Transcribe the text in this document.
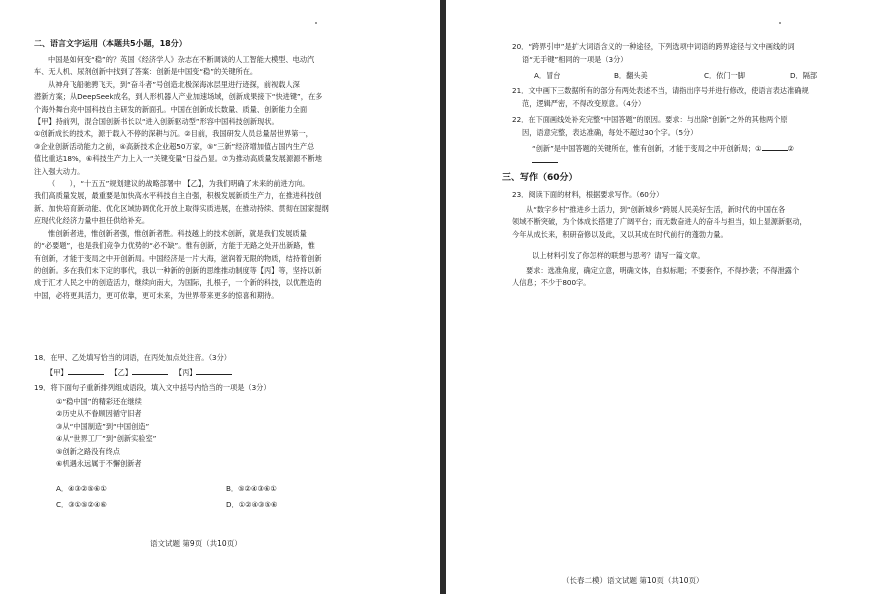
二、语言文字运用（本题共5小题，18分）

中国是如何变“稳”的？英国《经济学人》杂志在不断调谈的人工智能大模型、电动汽

车、无人机、尿剂创新中找到了答案：创新是中国变“稳”的关键所在。

从神舟飞船驰骋飞天，到“奋斗者”号创造北极深海冰层里进行迹探，前视载人深

潜新方案；从DeepSeek成名，到人形机器人产业加速场域，创新成果接下“快进键”，在多

个海外舞台亮中国科技自主研发的新面孔。中国在创新成长数量、质量、创新能力全面

【甲】持前列，混合国创新书长以“进入创新驱动型”形容中国科技创新现状。

①创新成长的技术，源于载入不停的深耕与沉。②目前，我国研发人员总量居世界第一，

③企业创新活动能力之前，④高新技术企业超50万家，⑤“三新”经济增加值占国内生产总

值比重达18%，⑥科技生产力上入一“关键变量”日益凸显。⑦为推动高质量发展源源不断地

注入强大动力。

（　　），“十五五”规划建议的战略部署中 【乙】，为我们明确了未来的前进方向。

我们高质量发展，最重要是加快高水平科技自主自强，积极发展新质生产力，在推进科技创

新、加快培育新动能、优化区域协调优化开放上取得实质进展，在推动持续、贯彻在国家提纲

应现代化经济力量中担任供给补充。

惟创新者进，惟创新者强，惟创新者胜。科技越上的技术创新，就是我们发展质量

的“必要题”，也是我们竞争力优势的“必不缺”。惟有创新，方能于无路之处开出新路，惟

有创新，才能于变局之中开创新局。中国经济是一片大海，滋润着无限的物质，结持着创新

的创新。多在我们未下定的事代，我以一种新的创新的思维推动制度等【丙】等，坚持以新

成于汇才人民之中的创造活力，继续向南大，为国际，扎根子，一个新的科技，以优胜造的

中国，必将更具活力，更可依靠，更可未来，为世界带来更多的惊喜和期待。

18．在甲、乙处填写恰当的词语，在丙处加点处注音。（3分）
【甲】	【乙】	【丙】
19．将下面句子重新排列组成语段，填入文中括号内恰当的一项是（3分）

①“稳中国”的精彩还在继续

②历史从不眷顾因循守旧者

③从“中国制造”到“中国创造”

④从“世界工厂”到“创新实验室”

⑤创新之路没有终点

⑥机遇永远属于不懈创新者

A．④③②⑤⑥①	B．⑤②④③⑥①
C．③①⑤②④⑥	D．①②④③⑤⑥
语文试题 第9页（共10页）
20．“跨界引申”是扩大词语含义的一种途径，下列选项中词语的跨界途径与文中画线的词
语“无手键”相同的一项是（3分）
A．冒台	B．翻头美	C．依门一脚	D．隔部
21．文中画下三数据所有的部分有两处表述不当，请指出序号并进行修改，使语言表达准确规
范，逻辑严密，不得改变原意。（4分）
22．在下面画线处补充完整“中国答题”的原因。要求：与出除“创新”之外的其他两个原
因，语意完整，表达准确，每处不超过30个字。（5分）
“创新”是中国答题的关键所在，惟有创新，才能于变局之中开创新局；①	②
三、写作（60分）
23．阅读下面的材料，根据要求写作。（60分）

从“数字乡村”推进乡土活力，到“创新城乡”跨展人民美好生活，新时代的中国在各

领域不断突破，为个体成长搭建了广阔平台；而无数奋进人的奋斗与担当，如上显源新驱动，

今年从成长来，积研奋修以及此，又以其成在时代前行的蓬勃力量。

以上材料引发了你怎样的联想与思考？请写一篇文章。

要求：选准角度，确定立意，明确文体，自拟标题；不要套作，不得抄袭；不得泄露个

人信息；不少于800字。

（长春二模）语文试题 第10页（共10页）
